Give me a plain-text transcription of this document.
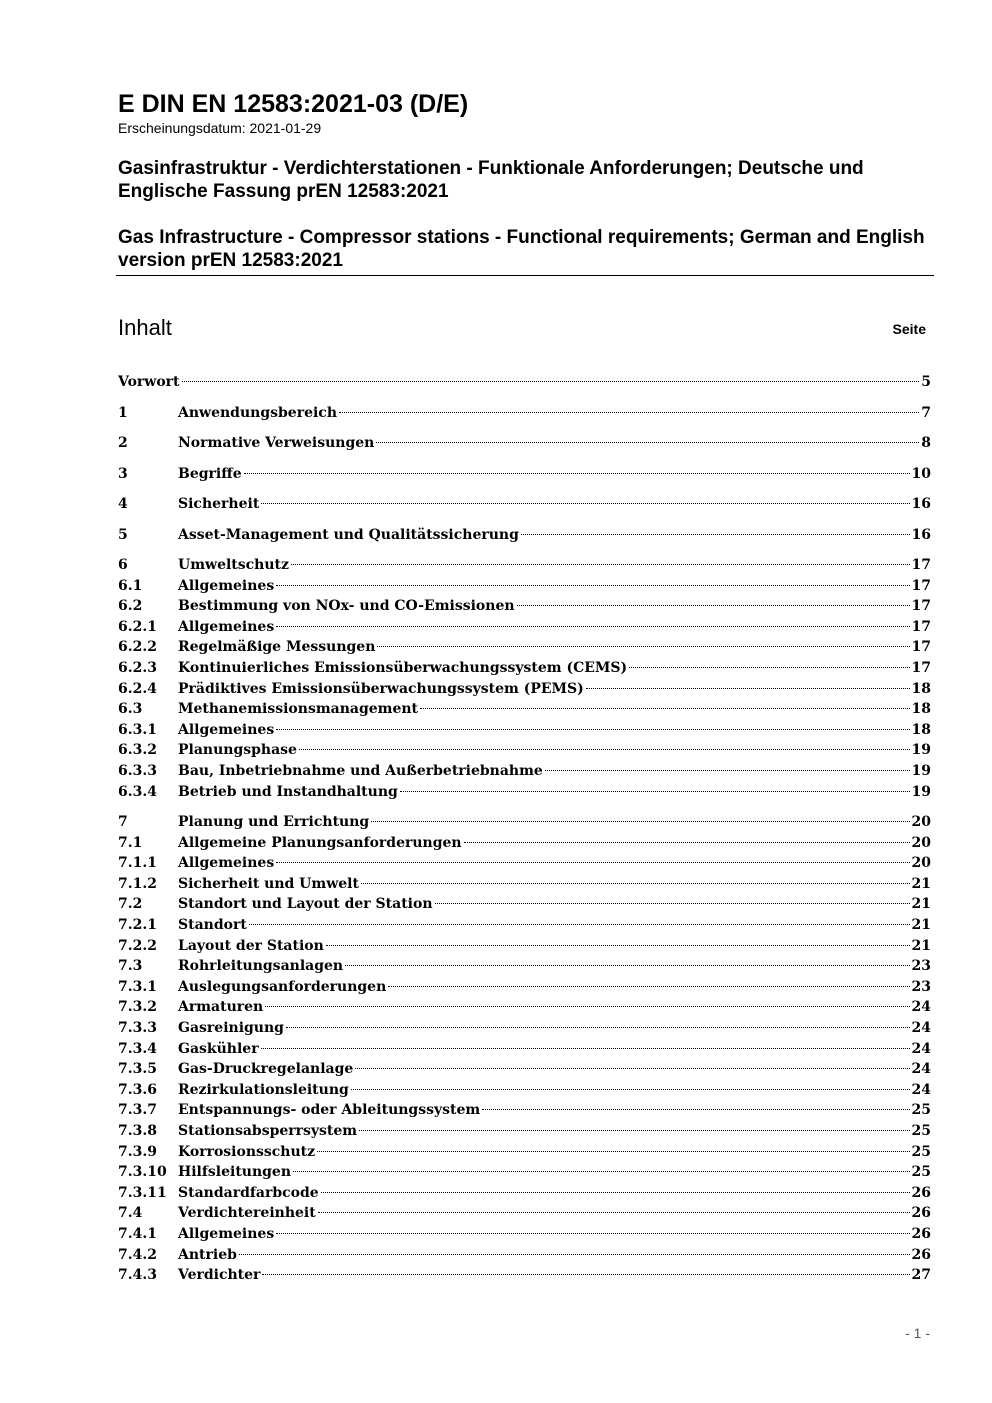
E DIN EN 12583:2021-03 (D/E)

Erscheinungsdatum: 2021-01-29

Gasinfrastruktur - Verdichterstationen - Funktionale Anforderungen; Deutsche und Englische Fassung prEN 12583:2021

Gas Infrastructure - Compressor stations - Functional requirements; German and English version prEN 12583:2021

Inhalt	Seite
Vorwort	5
1	Anwendungsbereich	7
2	Normative Verweisungen	8
3	Begriffe	10
4	Sicherheit	16
5	Asset-Management und Qualitätssicherung	16
6	Umweltschutz	17
6.1	Allgemeines	17
6.2	Bestimmung von NOx- und CO-Emissionen	17
6.2.1	Allgemeines	17
6.2.2	Regelmäßige Messungen	17
6.2.3	Kontinuierliches Emissionsüberwachungssystem (CEMS)	17
6.2.4	Prädiktives Emissionsüberwachungssystem (PEMS)	18
6.3	Methanemissionsmanagement	18
6.3.1	Allgemeines	18
6.3.2	Planungsphase	19
6.3.3	Bau, Inbetriebnahme und Außerbetriebnahme	19
6.3.4	Betrieb und Instandhaltung	19
7	Planung und Errichtung	20
7.1	Allgemeine Planungsanforderungen	20
7.1.1	Allgemeines	20
7.1.2	Sicherheit und Umwelt	21
7.2	Standort und Layout der Station	21
7.2.1	Standort	21
7.2.2	Layout der Station	21
7.3	Rohrleitungsanlagen	23
7.3.1	Auslegungsanforderungen	23
7.3.2	Armaturen	24
7.3.3	Gasreinigung	24
7.3.4	Gaskühler	24
7.3.5	Gas-Druckregelanlage	24
7.3.6	Rezirkulationsleitung	24
7.3.7	Entspannungs- oder Ableitungssystem	25
7.3.8	Stationsabsperrsystem	25
7.3.9	Korrosionsschutz	25
7.3.10 Hilfsleitungen	25
7.3.11 Standardfarbcode	26
7.4	Verdichtereinheit	26
7.4.1	Allgemeines	26
7.4.2	Antrieb	26
7.4.3	Verdichter	27
- 1 -
